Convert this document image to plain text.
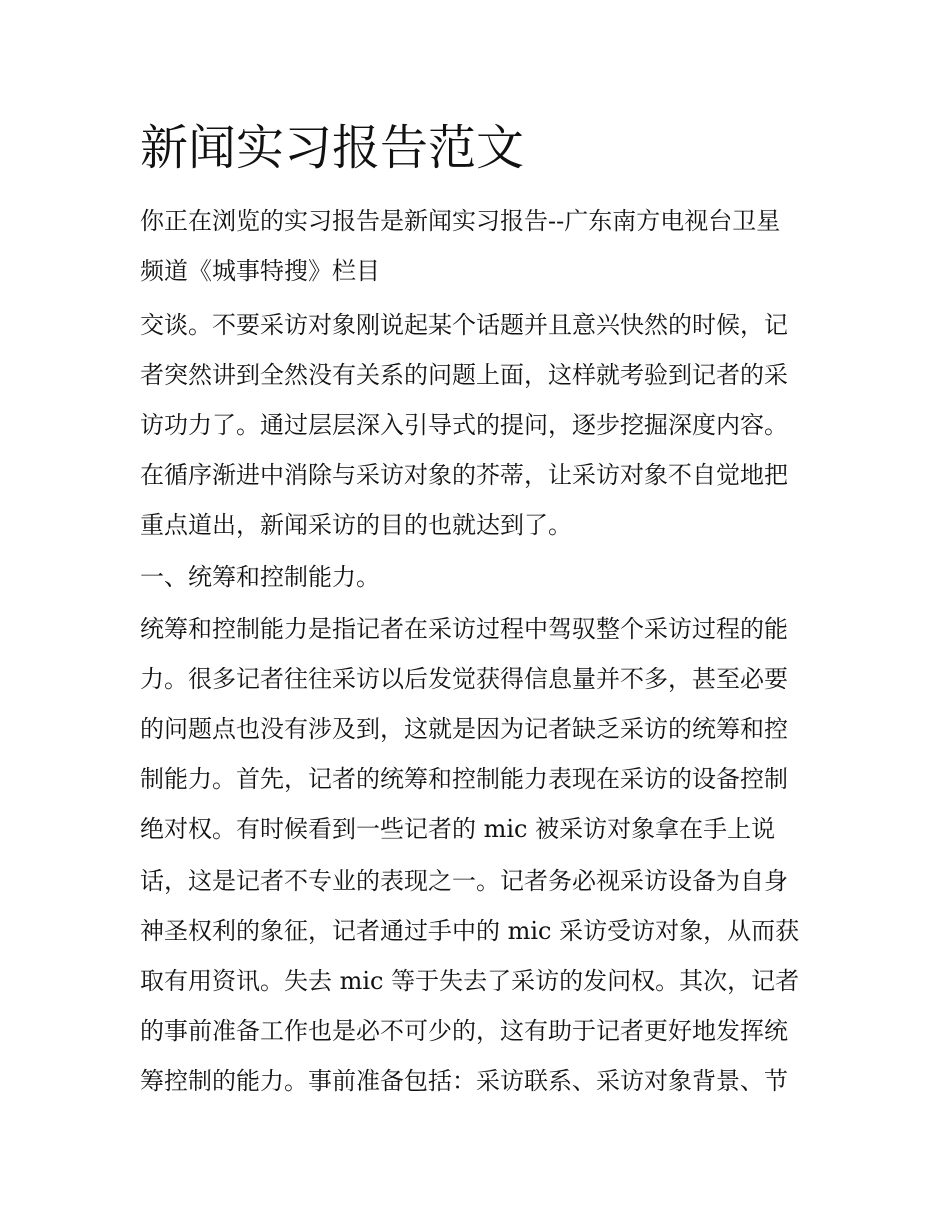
新闻实习报告范文

你正在浏览的实习报告是新闻实习报告--广东南方电视台卫星

频道《城事特搜》栏目

交谈。不要采访对象刚说起某个话题并且意兴快然的时候，记

者突然讲到全然没有关系的问题上面，这样就考验到记者的采

访功力了。通过层层深入引导式的提问，逐步挖掘深度内容。

在循序渐进中消除与采访对象的芥蒂，让采访对象不自觉地把

重点道出，新闻采访的目的也就达到了。

一、统筹和控制能力。

统筹和控制能力是指记者在采访过程中驾驭整个采访过程的能

力。很多记者往往采访以后发觉获得信息量并不多，甚至必要

的问题点也没有涉及到，这就是因为记者缺乏采访的统筹和控

制能力。首先，记者的统筹和控制能力表现在采访的设备控制

绝对权。有时候看到一些记者的 mic 被采访对象拿在手上说

话，这是记者不专业的表现之一。记者务必视采访设备为自身

神圣权利的象征，记者通过手中的 mic 采访受访对象，从而获

取有用资讯。失去 mic 等于失去了采访的发问权。其次，记者

的事前准备工作也是必不可少的，这有助于记者更好地发挥统

筹控制的能力。事前准备包括：采访联系、采访对象背景、节
